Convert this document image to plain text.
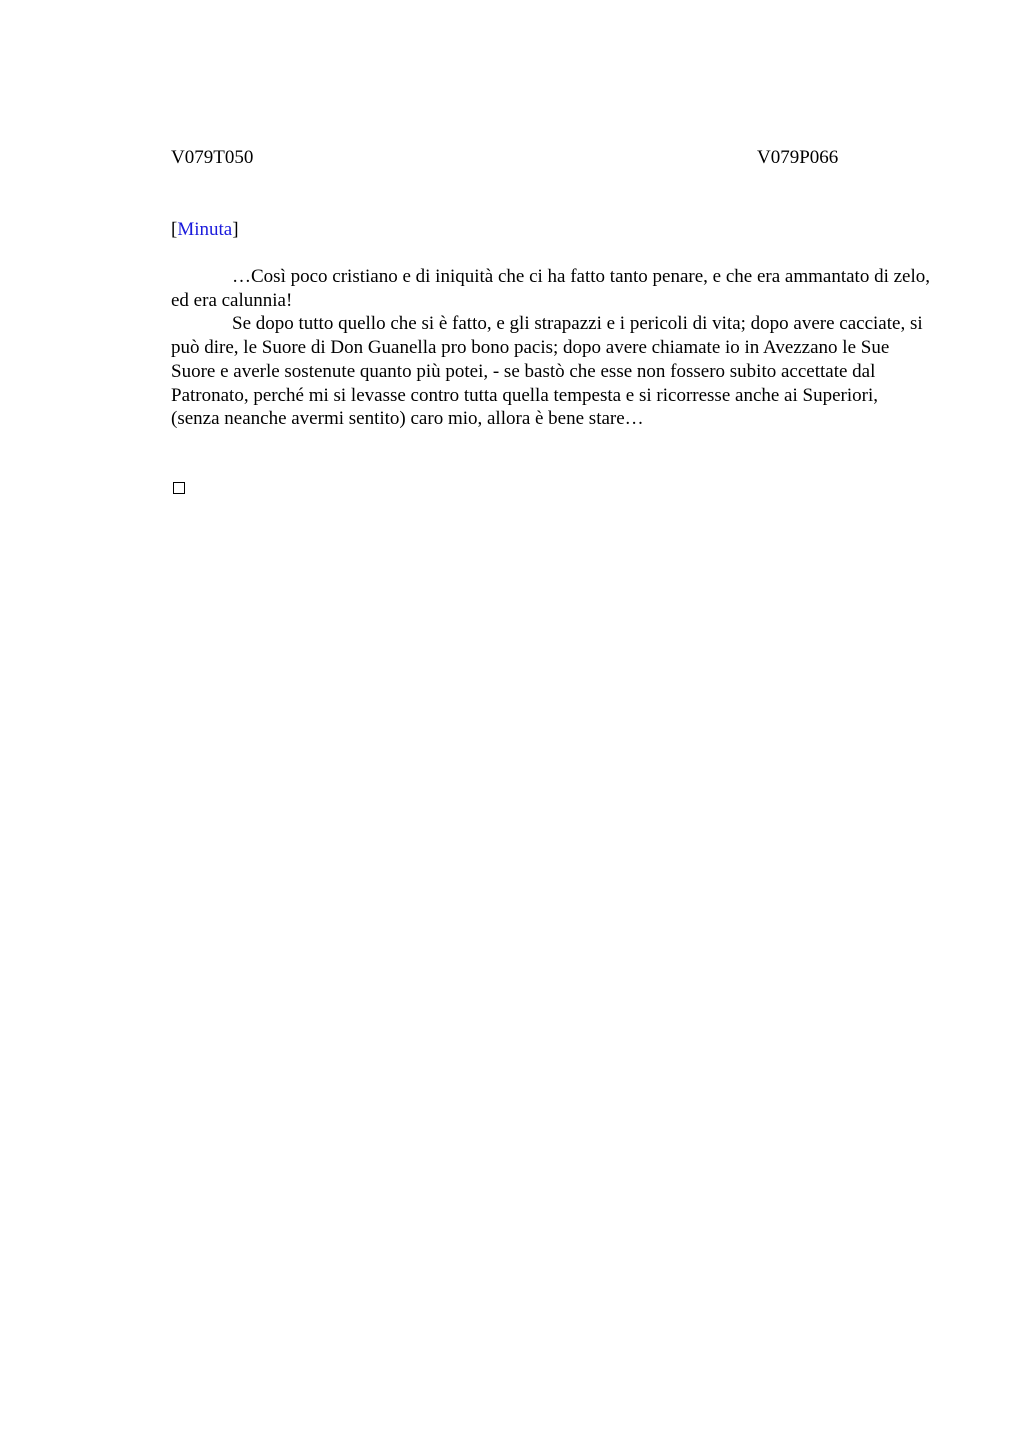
V079T050	V079P066
[Minuta]

…Così poco cristiano e di iniquità che ci ha fatto tanto penare, e che era ammantato di zelo, ed era calunnia!

Se dopo tutto quello che si è fatto, e gli strapazzi e i pericoli di vita; dopo avere cacciate, si può dire, le Suore di Don Guanella pro bono pacis; dopo avere chiamate io in Avezzano le Sue Suore e averle sostenute quanto più potei, - se bastò che esse non fossero subito accettate dal Patronato, perché mi si levasse contro tutta quella tempesta e si ricorresse anche ai Superiori, (senza neanche avermi sentito) caro mio, allora è bene stare…
